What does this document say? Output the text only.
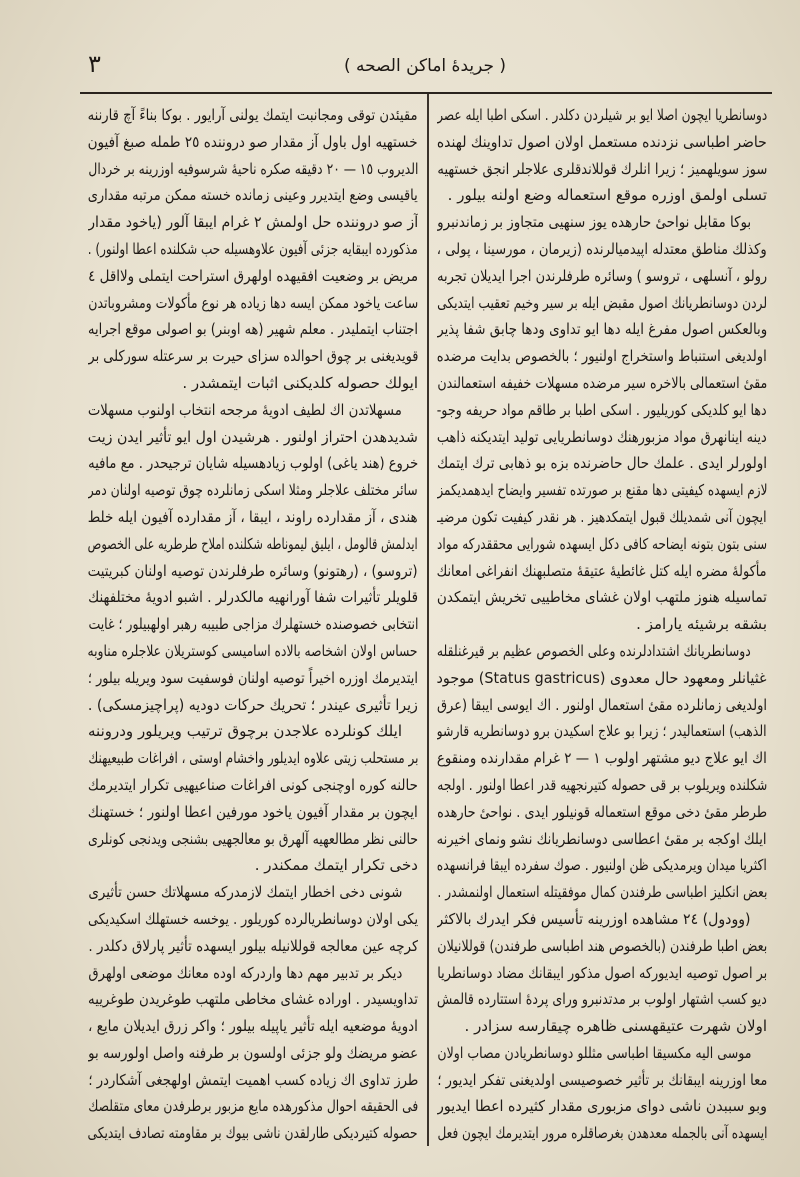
٣	( جریدهٔ اماكن الصحه )
دوسانطریا ایچون اصلا ایو بر شیلردن دکلدر . اسکی اطبا ایله عصر
حاضر اطباسی نزدنده مستعمل اولان اصول تداوینك لهنده
سوز سویلهمیز ؛ زیرا انلرك قوللاندقلری علاجلر انجق خستهیه
تسلی اولمق اوزره موقع استعماله وضع اولنه بیلور .
بوکا مقابل نواحیٔ حارهده یوز سنهیی متجاوز بر زماندنبرو
وکذلك مناطق معتدله اپیدمیالرنده (زیرمان ، مورسینا ، پولی ،
رولو ، آنسلهی ، تروسو ) وسائره طرفلرندن اجرا ایدیلان تجربه
لردن دوسانطریانك اصول مقبض ایله بر سیر وخیم تعقیب ایتدیکی
وبالعکس اصول مفرغ ایله دها ایو تداوی ودها چابق شفا پذیر
اولدیغی استنباط واستخراج اولنیور ؛ بالخصوص بدایت مرضده
مقیٔ استعمالی بالاخره سیر مرضده مسهلات خفیفه استعمالندن
دها ایو کلدیکی کوریلیور . اسکی اطبا بر طاقم مواد حریفه وجو-
دینه اینانهرق مواد مزبورهنك دوسانطریایی تولید ایتدیکنه ذاهب
اولورلر ایدی . علمك حال حاضرنده بزه بو ذهابی ترك ایتمك
لازم ایسهده کیفیتی دها مقنع بر صورتده تفسیر وایضاح ایدهمدیکمز
ایچون آنی شمدیلك قبول ایتمکدهیز . هر نقدر کیفیت تکون مرضیـ
سنی بتون بتونه ایضاحه کافی دکل ایسهده شورایی محققدرکه مواد
مأکولهٔ مضره ایله کتل غائطیهٔ عتیقهٔ متصلبهنك انفراغی امعانك
تماسیله هنوز ملتهب اولان غشای مخاطییی تخریش ایتمکدن
بشقه برشیئه یارامز .
دوسانطریانك اشتدادلرنده وعلی الخصوص عظیم بر قیرغنلقله
غثیانلر ومعهود حال معدوی (Status gastricus) موجود
اولدیغی زمانلرده مقیٔ استعمال اولنور . اك ایوسی ایبقا (عرق
الذهب) استعمالیدر ؛ زیرا بو علاج اسکیدن برو دوسانطریه قارشو
اك ایو علاج دیو مشتهر اولوب ١ — ٢ غرام مقدارنده ومنقوع
شکلنده ویریلوب بر قی حصوله کتیرنجهیه قدر اعطا اولنور . اولجه
طرطر مقیٔ دخی موقع استعماله قونیلور ایدی . نواحیٔ حارهده
ایلك اوکجه بر مقیٔ اعطاسی دوسانطریانك نشو ونمای اخیرنه
اکثریا میدان ویرمدیکی ظن اولنیور . صوك سفرده ایبقا فرانسهده
بعض انکلیز اطباسی طرفندن کمال موفقیتله استعمال اولنمشدر .
(وودول) ٢٤ مشاهده اوزرینه تأسیس فکر ایدرك بالاکثر
بعض اطبا طرفندن (بالخصوص هند اطباسی طرفندن) قوللانیلان
بر اصول توصیه ایدیورکه اصول مذکور ایبقانك مضاد دوسانطریا
دیو کسب اشتهار اولوب بر مدتدنبرو ورای پردهٔ استتارده قالمش
اولان شهرت عتیقهسنی ظاهره چیقارسه سزادر .
موسی الیه مکسیقا اطباسی مثللو دوسانطریادن مصاب اولان
معا اوزرینه ایبقانك بر تأثیر خصوصیسی اولدیغنی تفکر ایدیور ؛
وبو سببدن ناشی دوای مزبوری مقدار کثیرده اعطا ایدیور
ایسهده آنی بالجمله معدهدن بغرصاقلره مرور ایتدیرمك ایچون فعل
مقیئدن توقی ومجانبت ایتمك یولنی آرایور . بوکا بناءً آچ قارننه
خستهیه اول باول آز مقدار صو دروننده ٢٥ طمله صبغ آفیون
الدیروب ١٥ — ٢٠ دقیقه صکره ناحیهٔ شرسوفیه اوزرینه بر خردال
یاقیسی وضع ایتدیرر وعینی زمانده خسته ممکن مرتبه مقداری
آز صو دروننده حل اولمش ٢ غرام ایبقا آلور (یاخود مقدار
مذکورده ایبقایه جزئی آفیون علاوهسیله حب شکلنده اعطا اولنور) .
مریض بر وضعیت افقیهده اولهرق استراحت ایتملی ولااقل ٤
ساعت یاخود ممکن ایسه دها زیاده هر نوع مأکولات ومشروباتدن
اجتناب ایتملیدر . معلم شهیر (هه اوبنر) بو اصولی موقع اجرایه
قویدیغنی بر چوق احوالده سزای حیرت بر سرعتله سورکلی بر
ایولك حصوله کلدیکنی اثبات ایتمشدر .
مسهلاتدن اك لطیف ادویهٔ مرجحه انتخاب اولنوب مسهلات
شدیدهدن احتراز اولنور . هرشیدن اول ایو تأثیر ایدن زیت
خروع (هند یاغی) اولوب زیادهسیله شایان ترجیحدر . مع مافیه
سائر مختلف علاجلر ومثلا اسکی زمانلرده چوق توصیه اولنان دمر
هندی ، آز مقدارده راوند ، ایبقا ، آز مقدارده آفیون ایله خلط
ایدلمش قالومل ، ایلیق لیموناطه شکلنده املاح طرطریه علی الخصوص
(تروسو) ، (رهتونو) وسائره طرفلرندن توصیه اولنان کبریتیت
قلویلر تأثیرات شفا آورانهیه مالکدرلر . اشبو ادویهٔ مختلفهنك
انتخابی خصوصنده خستهلرك مزاجی طبیبه رهبر اولهبیلور ؛ غایت
حساس اولان اشخاصه بالاده اسامیسی کوستریلان علاجلره مناوبه
ایتدیرمك اوزره اخیراً توصیه اولنان فوسفیت سود ویریله بیلور ؛
زیرا تأثیری عیندر ؛ تحریك حرکات دودیه (پراچیزمسکی) .
ایلك کونلرده علاجدن برچوق ترتیب ویریلور ودروننه
بر مستحلب زیتی علاوه ایدیلور واخشام اوستی ، افراغات طبیعیهنك
حالنه کوره اوچنجی کونی افراغات صناعیهیی تکرار ایتدیرمك
ایچون بر مقدار آفیون یاخود مورفین اعطا اولنور ؛ خستهنك
حالنی نظر مطالعهیه آلهرق بو معالجهیی بشنجی ویدنجی کونلری
دخی تکرار ایتمك ممکندر .
شونی دخی اخطار ایتمك لازمدرکه مسهلاتك حسن تأثیری
یکی اولان دوسانطریالرده کوریلور . یوخسه خستهلك اسکیدیکی
کرچه عین معالجه قوللانیله بیلور ایسهده تأثیر پارلاق دکلدر .
دیکر بر تدبیر مهم دها واردرکه اوده معانك موضعی اولهرق
تداویسیدر . اوراده غشای مخاطی ملتهب طوغریدن طوغرییه
ادویهٔ موضعیه ایله تأثیر یاپیله بیلور ؛ واکر زرق ایدیلان مایع ،
عضو مریضك ولو جزئی اولسون بر طرفنه واصل اولورسه بو
طرز تداوی اك زیاده کسب اهمیت ایتمش اولهجغی آشکاردر ؛
فی الحقیقه احوال مذکورهده مایع مزبور برطرفدن معای متقلصك
حصوله کتیردیکی طارلقدن ناشی بیوك بر مقاومته تصادف ایتدیکی
